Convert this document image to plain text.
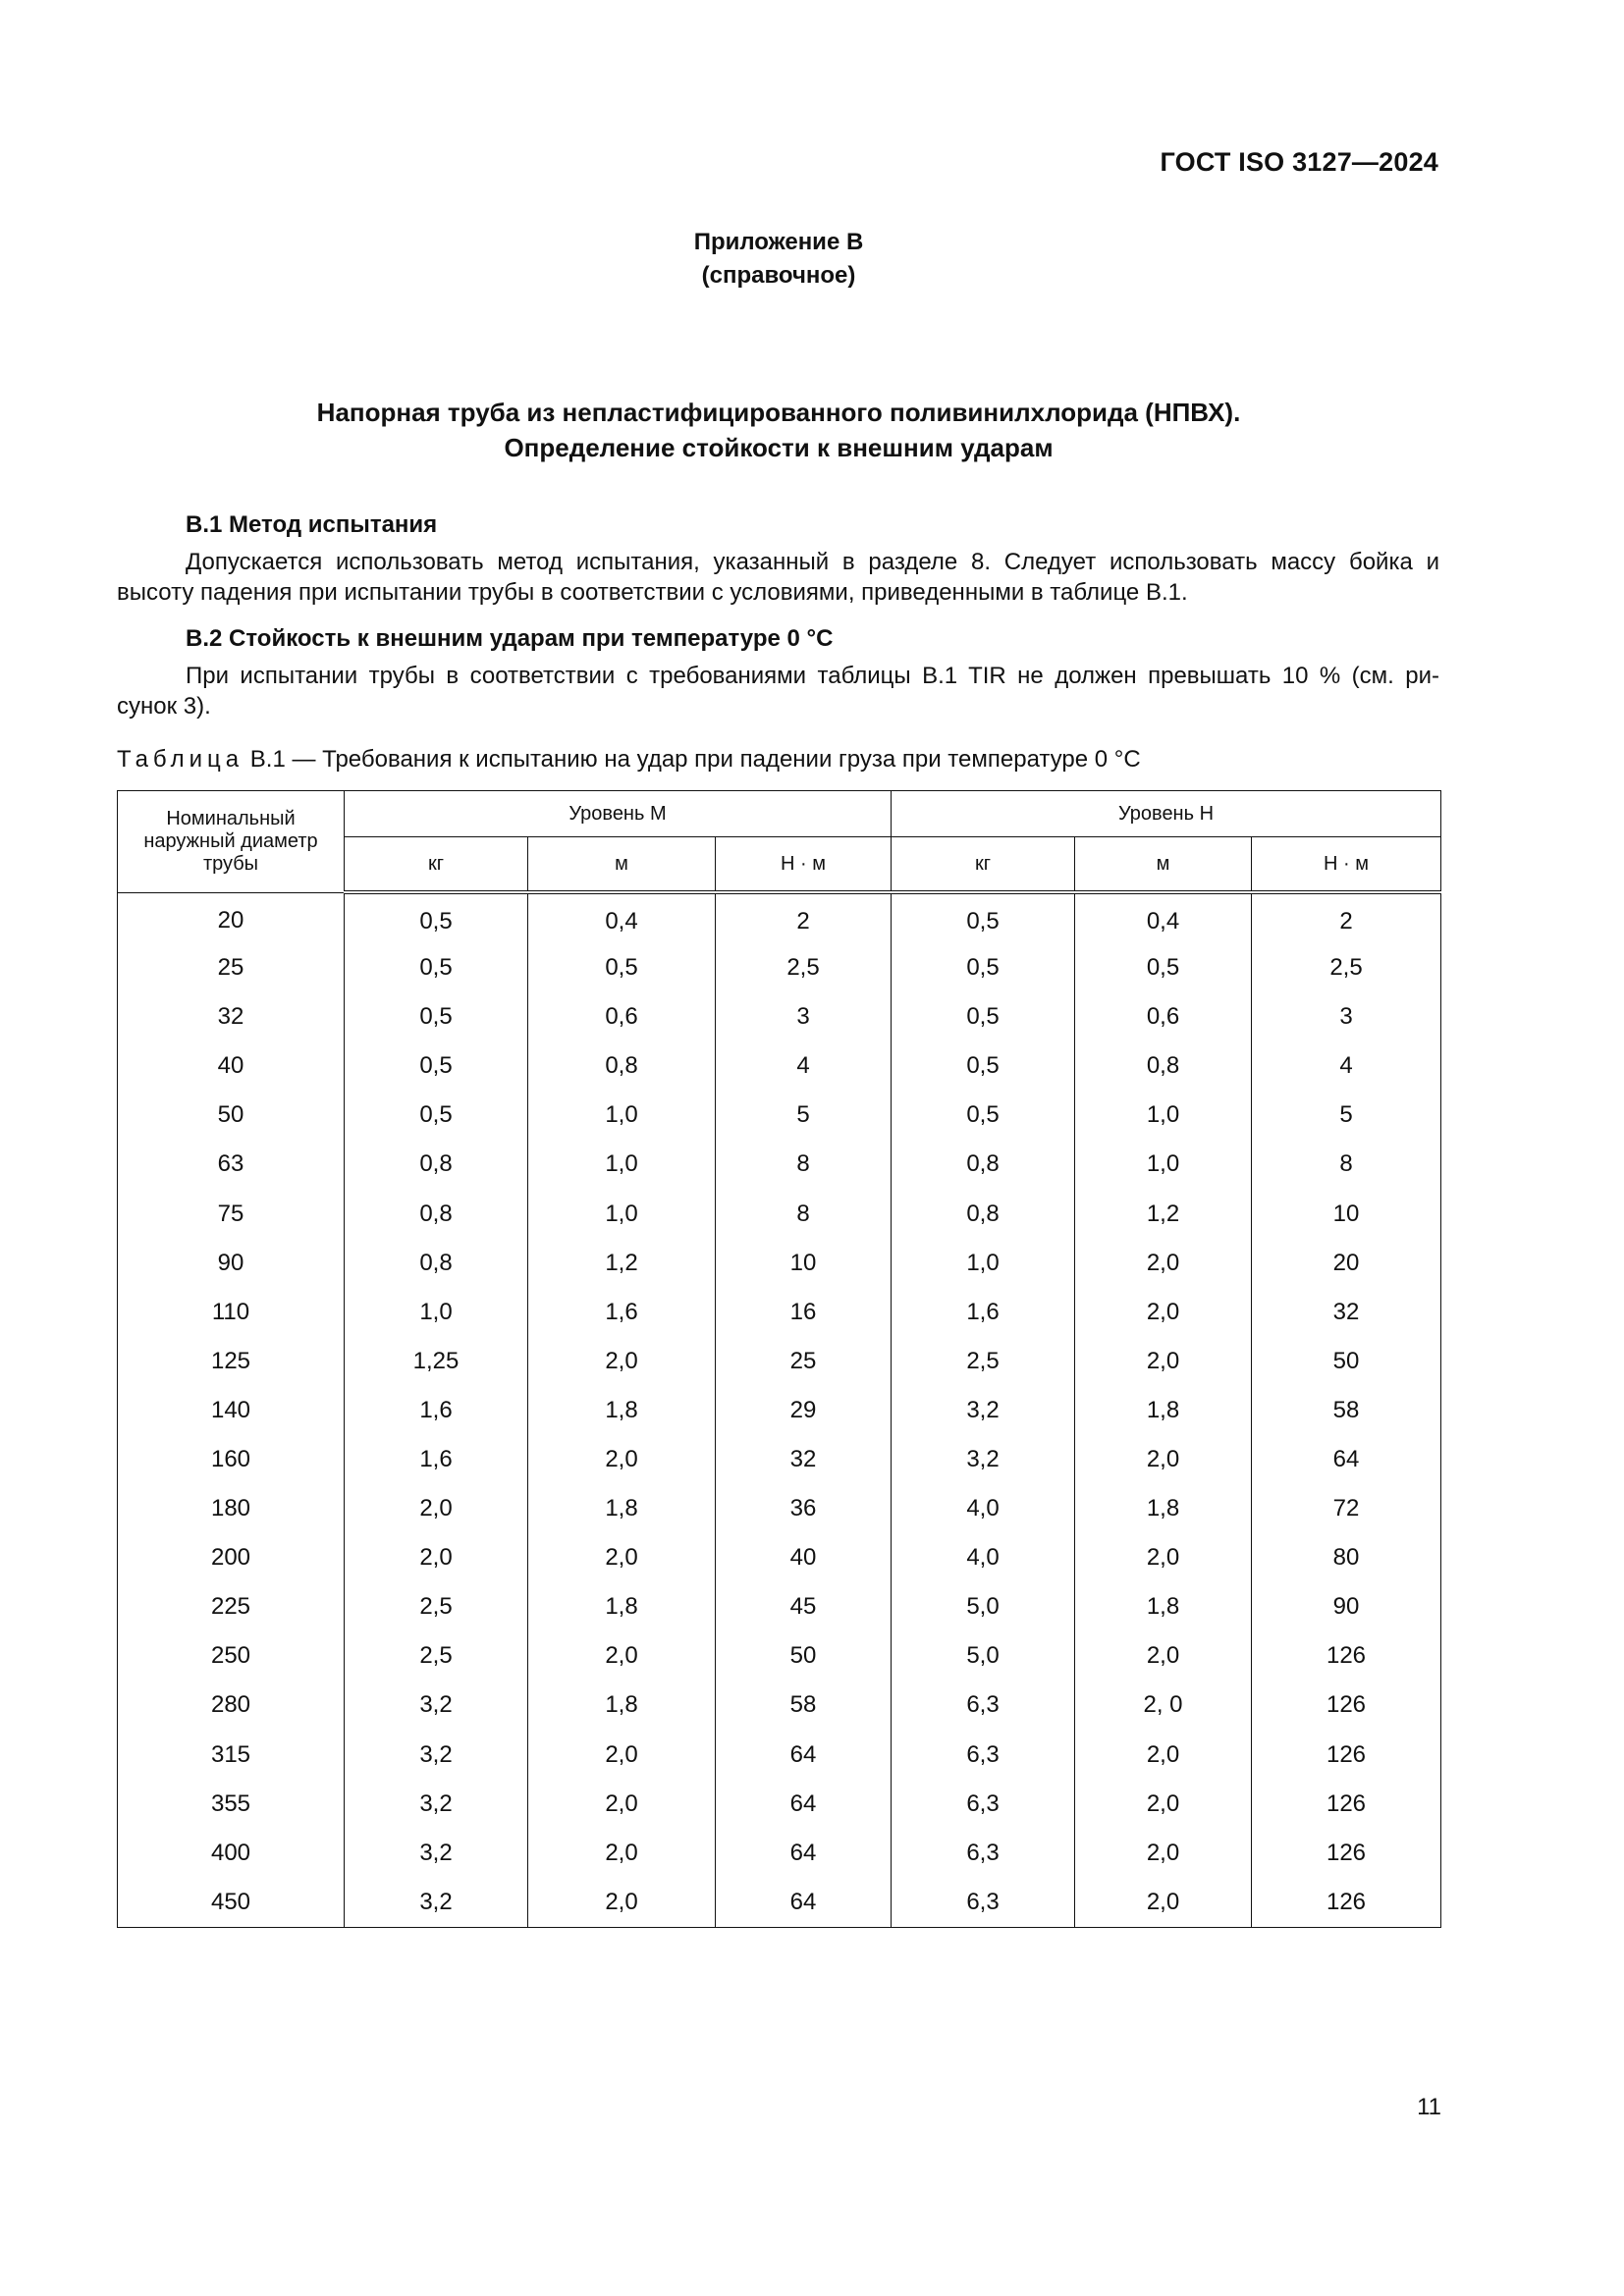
ГОСТ ISO 3127—2024
Приложение B
(справочное)
Напорная труба из непластифицированного поливинилхлорида (НПВХ).
Определение стойкости к внешним ударам
B.1 Метод испытания
Допускается использовать метод испытания, указанный в разделе 8. Следует использовать массу бойка и
высоту падения при испытании трубы в соответствии с условиями, приведенными в таблице B.1.
B.2 Стойкость к внешним ударам при температуре 0 °С
При испытании трубы в соответствии с требованиями таблицы B.1 TIR не должен превышать 10 % (см. ри-
сунок 3).
Таблица B.1 — Требования к испытанию на удар при падении груза при температуре 0 °С
Номинальный наружный диаметр трубы	Уровень M			Уровень H		
	кг	м	Н · м	кг	м	Н · м
20	0,5	0,4	2	0,5	0,4	2
25	0,5	0,5	2,5	0,5	0,5	2,5
32	0,5	0,6	3	0,5	0,6	3
40	0,5	0,8	4	0,5	0,8	4
50	0,5	1,0	5	0,5	1,0	5
63	0,8	1,0	8	0,8	1,0	8
75	0,8	1,0	8	0,8	1,2	10
90	0,8	1,2	10	1,0	2,0	20
110	1,0	1,6	16	1,6	2,0	32
125	1,25	2,0	25	2,5	2,0	50
140	1,6	1,8	29	3,2	1,8	58
160	1,6	2,0	32	3,2	2,0	64
180	2,0	1,8	36	4,0	1,8	72
200	2,0	2,0	40	4,0	2,0	80
225	2,5	1,8	45	5,0	1,8	90
250	2,5	2,0	50	5,0	2,0	126
280	3,2	1,8	58	6,3	2, 0	126
315	3,2	2,0	64	6,3	2,0	126
355	3,2	2,0	64	6,3	2,0	126
400	3,2	2,0	64	6,3	2,0	126
450	3,2	2,0	64	6,3	2,0	126
11
